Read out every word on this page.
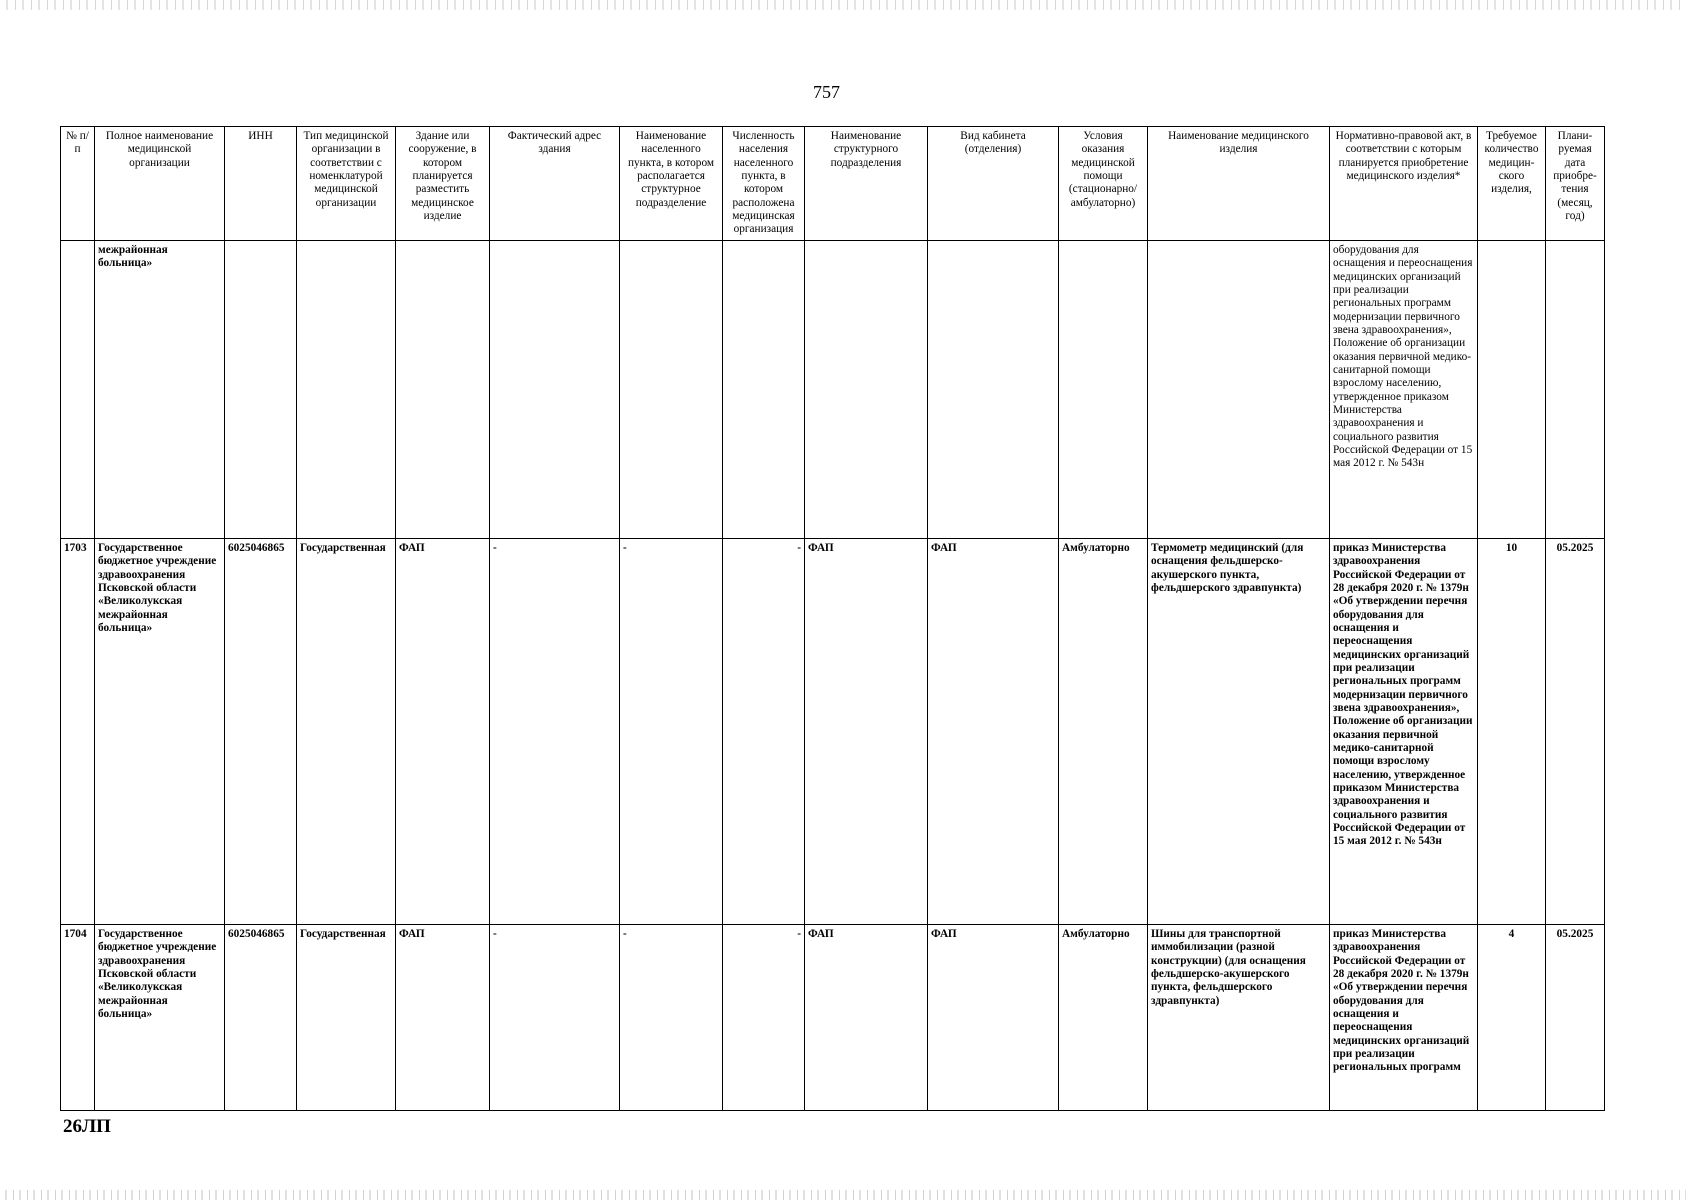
757
№ п/п	Полное наименование медицинской организации	ИНН	Тип медицинской организации в соответствии с номенклатурой медицинской организации	Здание или сооружение, в котором планируется разместить медицинское изделие	Фактический адрес здания	Наименование населенного пункта, в котором располагается структурное подразделение	Численность населения населенного пункта, в котором расположена медицинская организация	Наименование структурного подразделения	Вид кабинета (отделения)	Условия оказания медицинской помощи (стационарно/ амбулаторно)	Наименование медицинского изделия	Нормативно-правовой акт, в соответствии с которым планируется приобретение медицинского изделия*	Требуемое количество медицин-ского изделия,	Плани-руемая дата приобре-тения (месяц, год)
	межрайонная больница»											оборудования для оснащения и переоснащения медицинских организаций при реализации региональных программ модернизации первичного звена здравоохранения», Положение об организации оказания первичной медико-санитарной помощи взрослому населению, утвержденное приказом Министерства здравоохранения и социального развития Российской Федерации от 15 мая 2012 г. № 543н		
1703	Государственное бюджетное учреждение здравоохранения Псковской области «Великолукская межрайонная больница»	6025046865	Государственная	ФАП	-	-	-	ФАП	ФАП	Амбулаторно	Термометр медицинский (для оснащения фельдшерско-акушерского пункта, фельдшерского здравпункта)	приказ Министерства здравоохранения Российской Федерации от 28 декабря 2020 г. № 1379н «Об утверждении перечня оборудования для оснащения и переоснащения медицинских организаций при реализации региональных программ модернизации первичного звена здравоохранения», Положение об организации оказания первичной медико-санитарной помощи взрослому населению, утвержденное приказом Министерства здравоохранения и социального развития Российской Федерации от 15 мая 2012 г. № 543н	10	05.2025
1704	Государственное бюджетное учреждение здравоохранения Псковской области «Великолукская межрайонная больница»	6025046865	Государственная	ФАП	-	-	-	ФАП	ФАП	Амбулаторно	Шины для транспортной иммобилизации (разной конструкции) (для оснащения фельдшерско-акушерского пункта, фельдшерского здравпункта)	приказ Министерства здравоохранения Российской Федерации от 28 декабря 2020 г. № 1379н «Об утверждении перечня оборудования для оснащения и переоснащения медицинских организаций при реализации региональных программ	4	05.2025
26ЛП
